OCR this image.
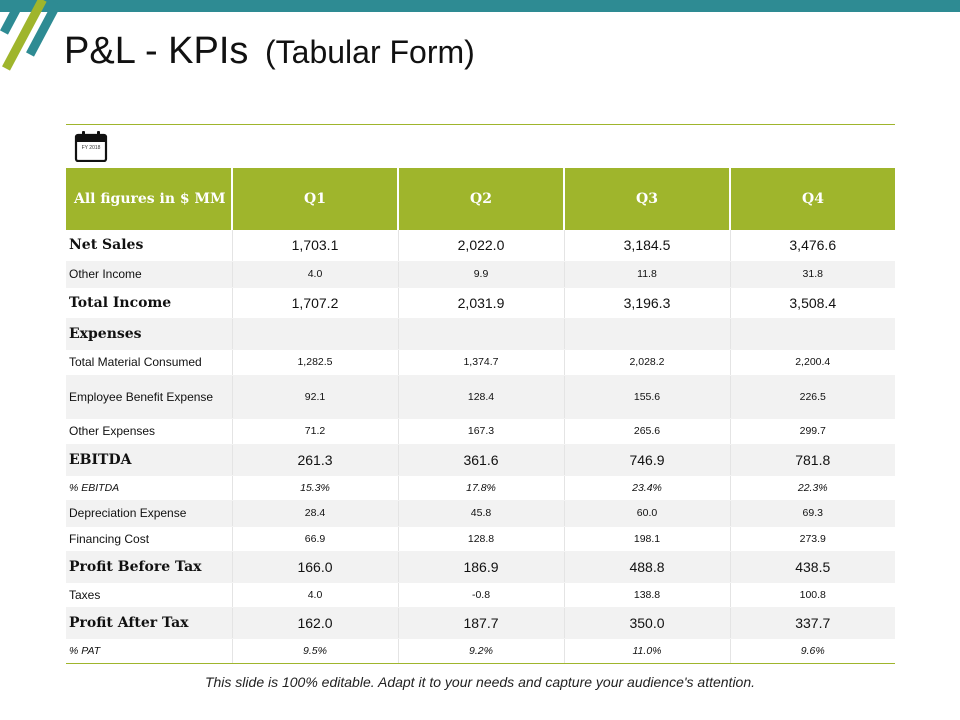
P&L - KPIs (Tabular Form)
FY 2018
All figures in $ MM	Q1	Q2	Q3	Q4
Net Sales	1,703.1	2,022.0	3,184.5	3,476.6
Other Income	4.0	9.9	11.8	31.8
Total Income	1,707.2	2,031.9	3,196.3	3,508.4
Expenses				
Total Material Consumed	1,282.5	1,374.7	2,028.2	2,200.4
Employee Benefit Expense	92.1	128.4	155.6	226.5
Other Expenses	71.2	167.3	265.6	299.7
EBITDA	261.3	361.6	746.9	781.8
% EBITDA	15.3%	17.8%	23.4%	22.3%
Depreciation Expense	28.4	45.8	60.0	69.3
Financing Cost	66.9	128.8	198.1	273.9
Profit Before Tax	166.0	186.9	488.8	438.5
Taxes	4.0	-0.8	138.8	100.8
Profit After Tax	162.0	187.7	350.0	337.7
% PAT	9.5%	9.2%	11.0%	9.6%
This slide is 100% editable. Adapt it to your needs and capture your audience's attention.
